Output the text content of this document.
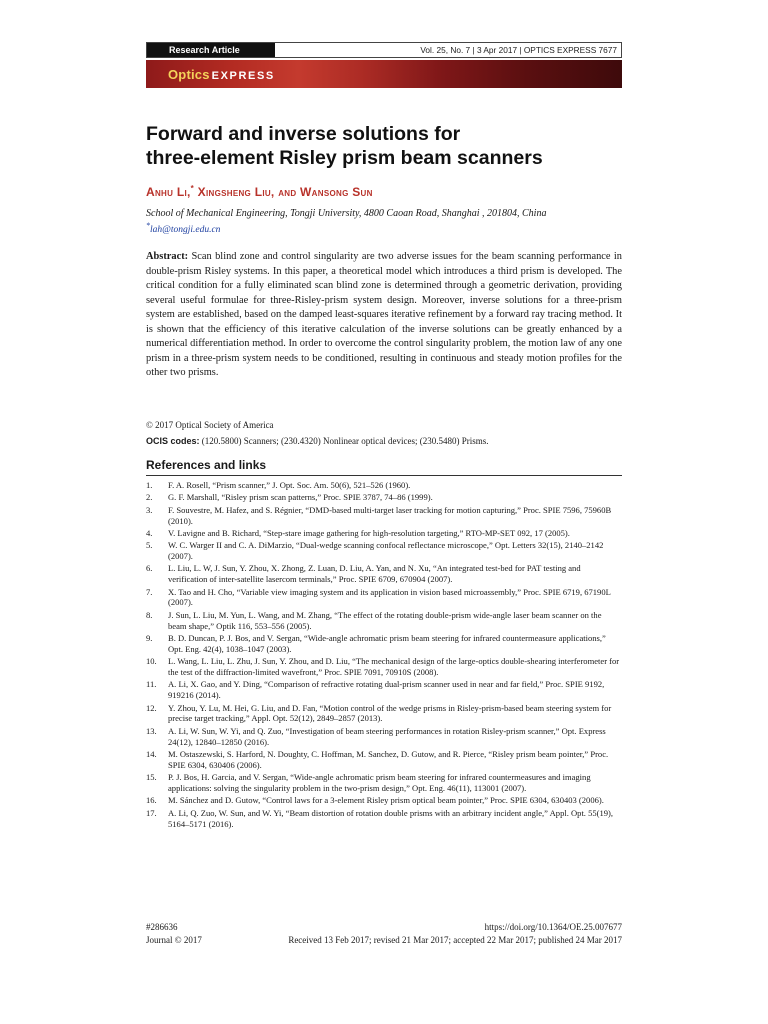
Research Article	Vol. 25, No. 7 | 3 Apr 2017 | OPTICS EXPRESS 7677
Optics EXPRESS
Forward and inverse solutions for
three-element Risley prism beam scanners
Anhu Li,* Xingsheng Liu, and Wansong Sun
School of Mechanical Engineering, Tongji University, 4800 Caoan Road, Shanghai , 201804, China
*lah@tongji.edu.cn
Abstract: Scan blind zone and control singularity are two adverse issues for the beam scanning performance in double-prism Risley systems. In this paper, a theoretical model which introduces a third prism is developed. The critical condition for a fully eliminated scan blind zone is determined through a geometric derivation, providing several useful formulae for three-Risley-prism system design. Moreover, inverse solutions for a three-prism system are established, based on the damped least-squares iterative refinement by a forward ray tracing method. It is shown that the efficiency of this iterative calculation of the inverse solutions can be greatly enhanced by a numerical differentiation method. In order to overcome the control singularity problem, the motion law of any one prism in a three-prism system needs to be conditioned, resulting in continuous and steady motion profiles for the other two prisms.
© 2017 Optical Society of America
OCIS codes: (120.5800) Scanners; (230.4320) Nonlinear optical devices; (230.5480) Prisms.
References and links
1.	F. A. Rosell, “Prism scanner,” J. Opt. Soc. Am. 50(6), 521–526 (1960).
2.	G. F. Marshall, “Risley prism scan patterns,” Proc. SPIE 3787, 74–86 (1999).
3.	F. Souvestre, M. Hafez, and S. Régnier, “DMD-based multi-target laser tracking for motion capturing,” Proc. SPIE 7596, 75960B (2010).
4.	V. Lavigne and B. Richard, “Step-stare image gathering for high-resolution targeting,” RTO-MP-SET 092, 17 (2005).
5.	W. C. Warger II and C. A. DiMarzio, “Dual-wedge scanning confocal reflectance microscope,” Opt. Letters 32(15), 2140–2142 (2007).
6.	L. Liu, L. W, J. Sun, Y. Zhou, X. Zhong, Z. Luan, D. Liu, A. Yan, and N. Xu, “An integrated test-bed for PAT testing and verification of inter-satellite lasercom terminals,” Proc. SPIE 6709, 670904 (2007).
7.	X. Tao and H. Cho, “Variable view imaging system and its application in vision based microassembly,” Proc. SPIE 6719, 67190L (2007).
8.	J. Sun, L. Liu, M. Yun, L. Wang, and M. Zhang, “The effect of the rotating double-prism wide-angle laser beam scanner on the beam shape,” Optik 116, 553–556 (2005).
9.	B. D. Duncan, P. J. Bos, and V. Sergan, “Wide-angle achromatic prism beam steering for infrared countermeasure applications,” Opt. Eng. 42(4), 1038–1047 (2003).
10.	L. Wang, L. Liu, L. Zhu, J. Sun, Y. Zhou, and D. Liu, “The mechanical design of the large-optics double-shearing interferometer for the test of the diffraction-limited wavefront,” Proc. SPIE 7091, 70910S (2008).
11.	A. Li, X. Gao, and Y. Ding, “Comparison of refractive rotating dual-prism scanner used in near and far field,” Proc. SPIE 9192, 919216 (2014).
12.	Y. Zhou, Y. Lu, M. Hei, G. Liu, and D. Fan, “Motion control of the wedge prisms in Risley-prism-based beam steering system for precise target tracking,” Appl. Opt. 52(12), 2849–2857 (2013).
13.	A. Li, W. Sun, W. Yi, and Q. Zuo, “Investigation of beam steering performances in rotation Risley-prism scanner,” Opt. Express 24(12), 12840–12850 (2016).
14.	M. Ostaszewski, S. Harford, N. Doughty, C. Hoffman, M. Sanchez, D. Gutow, and R. Pierce, “Risley prism beam pointer,” Proc. SPIE 6304, 630406 (2006).
15.	P. J. Bos, H. Garcia, and V. Sergan, “Wide-angle achromatic prism beam steering for infrared countermeasures and imaging applications: solving the singularity problem in the two-prism design,” Opt. Eng. 46(11), 113001 (2007).
16.	M. Sánchez and D. Gutow, “Control laws for a 3-element Risley prism optical beam pointer,” Proc. SPIE 6304, 630403 (2006).
17.	A. Li, Q. Zuo, W. Sun, and W. Yi, “Beam distortion of rotation double prisms with an arbitrary incident angle,” Appl. Opt. 55(19), 5164–5171 (2016).
#286636
Journal © 2017
https://doi.org/10.1364/OE.25.007677
Received 13 Feb 2017; revised 21 Mar 2017; accepted 22 Mar 2017; published 24 Mar 2017
